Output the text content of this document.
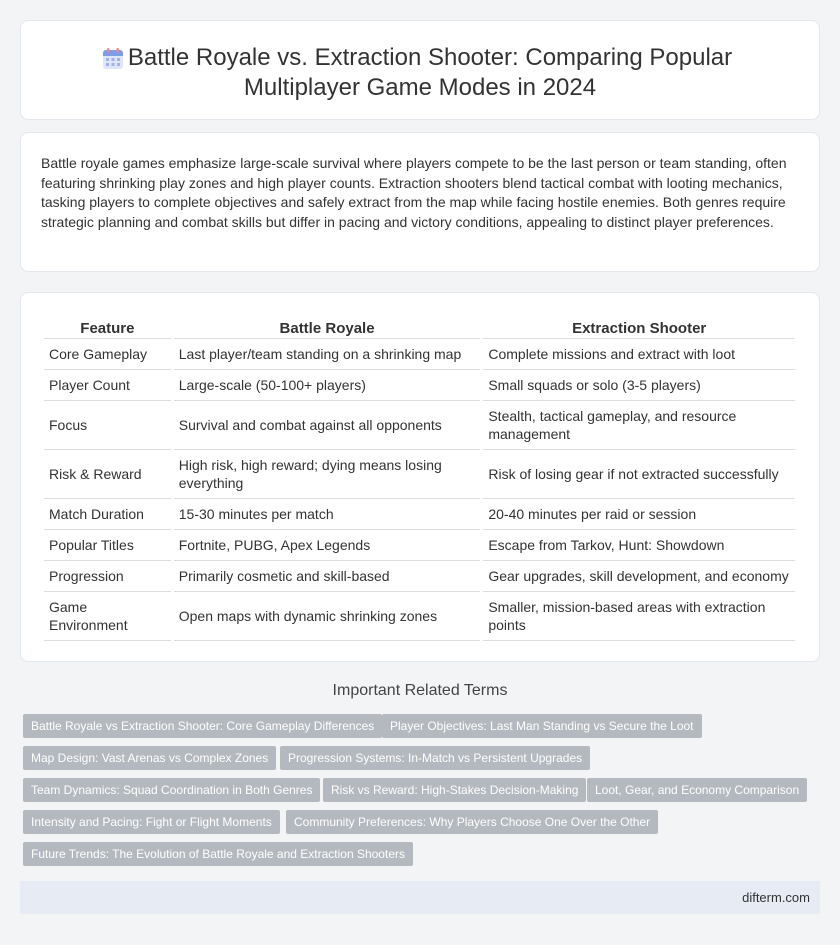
Battle Royale vs. Extraction Shooter: Comparing Popular
Multiplayer Game Modes in 2024

Battle royale games emphasize large-scale survival where players compete to be the last person or team standing, often featuring shrinking play zones and high player counts. Extraction shooters blend tactical combat with looting mechanics, tasking players to complete objectives and safely extract from the map while facing hostile enemies. Both genres require strategic planning and combat skills but differ in pacing and victory conditions, appealing to distinct player preferences.

Feature	Battle Royale	Extraction Shooter
Core Gameplay	Last player/team standing on a shrinking map	Complete missions and extract with loot
Player Count	Large-scale (50-100+ players)	Small squads or solo (3-5 players)
Focus	Survival and combat against all opponents	Stealth, tactical gameplay, and resource management
Risk & Reward	High risk, high reward; dying means losing everything	Risk of losing gear if not extracted successfully
Match Duration	15-30 minutes per match	20-40 minutes per raid or session
Popular Titles	Fortnite, PUBG, Apex Legends	Escape from Tarkov, Hunt: Showdown
Progression	Primarily cosmetic and skill-based	Gear upgrades, skill development, and economy
Game Environment	Open maps with dynamic shrinking zones	Smaller, mission-based areas with extraction points
Important Related Terms
Battle Royale vs Extraction Shooter: Core Gameplay Differences	Player Objectives: Last Man Standing vs Secure the Loot
Map Design: Vast Arenas vs Complex Zones	Progression Systems: In-Match vs Persistent Upgrades
Team Dynamics: Squad Coordination in Both Genres	Risk vs Reward: High-Stakes Decision-Making	Loot, Gear, and Economy Comparison
Intensity and Pacing: Fight or Flight Moments	Community Preferences: Why Players Choose One Over the Other
Future Trends: The Evolution of Battle Royale and Extraction Shooters
difterm.com
